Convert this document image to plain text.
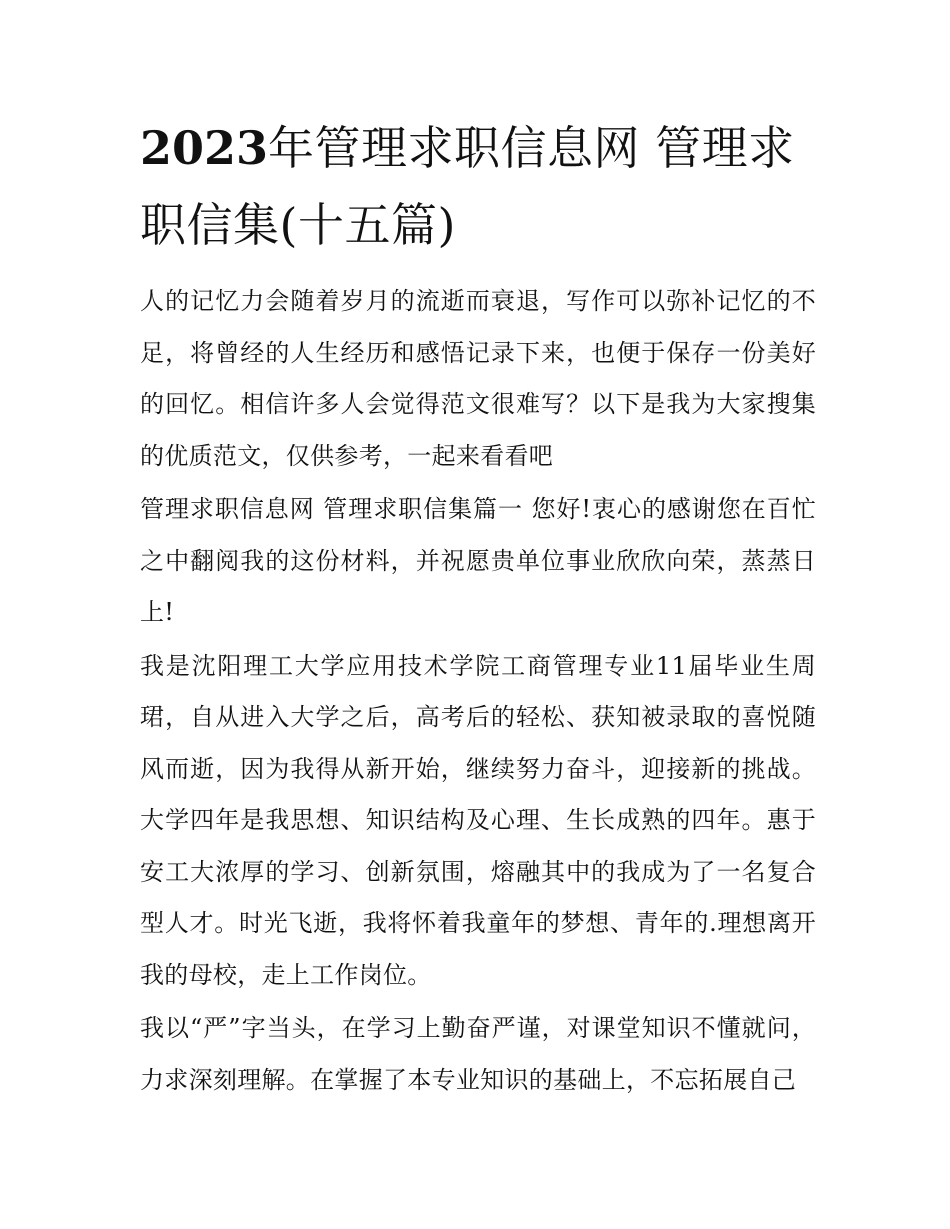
2023年管理求职信息网 管理求职信集(十五篇)

人的记忆力会随着岁月的流逝而衰退，写作可以弥补记忆的不足，将曾经的人生经历和感悟记录下来，也便于保存一份美好的回忆。相信许多人会觉得范文很难写？以下是我为大家搜集的优质范文，仅供参考，一起来看看吧

管理求职信息网 管理求职信集篇一 您好!衷心的感谢您在百忙之中翻阅我的这份材料，并祝愿贵单位事业欣欣向荣，蒸蒸日上!

我是沈阳理工大学应用技术学院工商管理专业11届毕业生周珺，自从进入大学之后，高考后的轻松、获知被录取的喜悦随风而逝，因为我得从新开始，继续努力奋斗，迎接新的挑战。大学四年是我思想、知识结构及心理、生长成熟的四年。惠于安工大浓厚的学习、创新氛围，熔融其中的我成为了一名复合型人才。时光飞逝，我将怀着我童年的梦想、青年的.理想离开我的母校，走上工作岗位。

我以“严”字当头，在学习上勤奋严谨，对课堂知识不懂就问，力求深刻理解。在掌握了本专业知识的基础上，不忘拓展自己
